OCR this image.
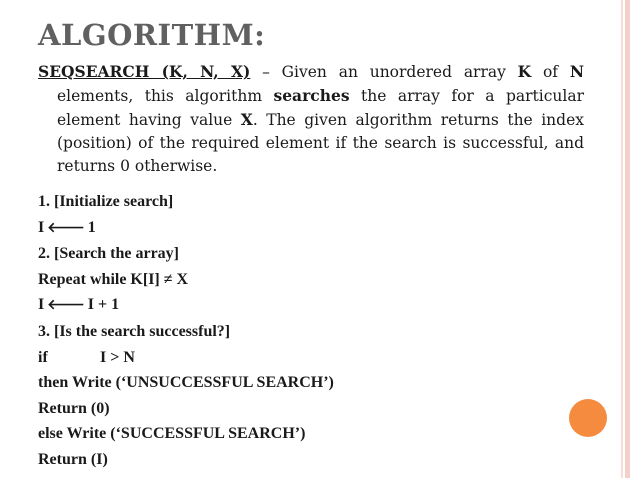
ALGORITHM:

SEQSEARCH (K, N, X) – Given an unordered array K of N elements, this algorithm searches the array for a particular element having value X. The given algorithm returns the index (position) of the required element if the search is successful, and returns 0 otherwise.

1. [Initialize search]
I 🡐 1
2. [Search the array]
Repeat while K[I] ≠ X
I 🡐 I + 1
3. [Is the search successful?]
if	I > N
then Write (‘UNSUCCESSFUL SEARCH’)
Return (0)
else Write (‘SUCCESSFUL SEARCH’)
Return (I)
